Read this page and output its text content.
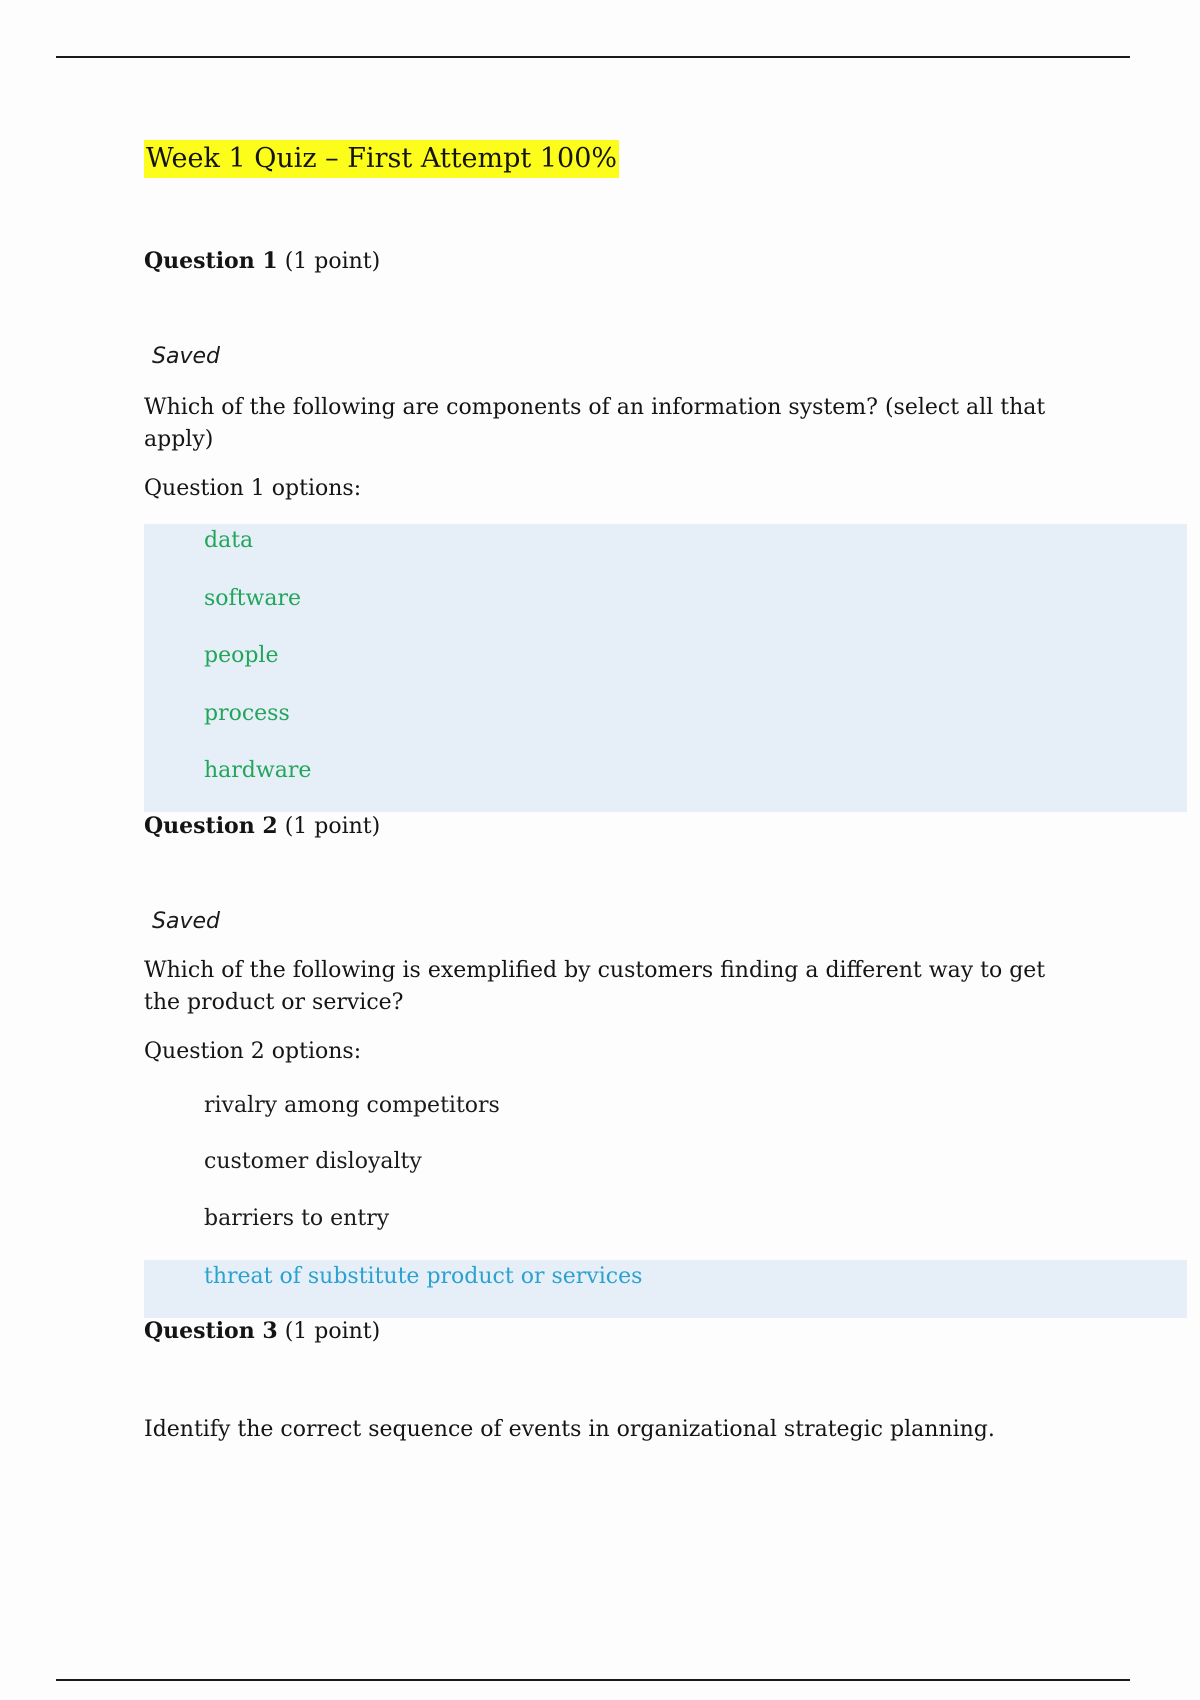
Week 1 Quiz – First Attempt 100%
Question 1 (1 point)
Saved
Which of the following are components of an information system? (select all that apply)
Question 1 options:
data
software
people
process
hardware
Question 2 (1 point)
Saved
Which of the following is exemplified by customers finding a different way to get the product or service?
Question 2 options:
rivalry among competitors
customer disloyalty
barriers to entry
threat of substitute product or services
Question 3 (1 point)
Identify the correct sequence of events in organizational strategic planning.
